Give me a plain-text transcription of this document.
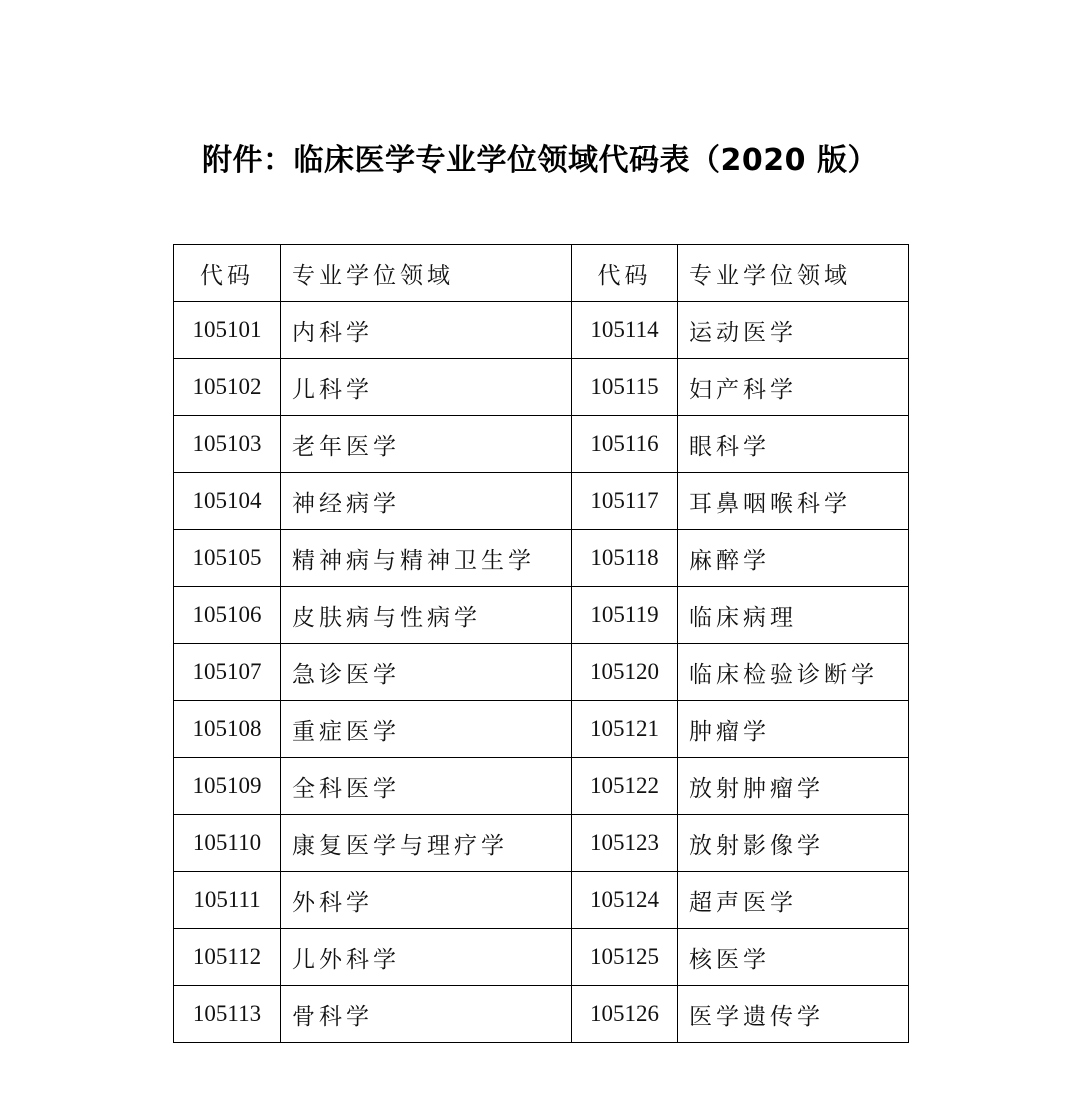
附件：临床医学专业学位领域代码表（2020 版）
代码	专业学位领域	代码	专业学位领域
105101	内科学	105114	运动医学
105102	儿科学	105115	妇产科学
105103	老年医学	105116	眼科学
105104	神经病学	105117	耳鼻咽喉科学
105105	精神病与精神卫生学	105118	麻醉学
105106	皮肤病与性病学	105119	临床病理
105107	急诊医学	105120	临床检验诊断学
105108	重症医学	105121	肿瘤学
105109	全科医学	105122	放射肿瘤学
105110	康复医学与理疗学	105123	放射影像学
105111	外科学	105124	超声医学
105112	儿外科学	105125	核医学
105113	骨科学	105126	医学遗传学
